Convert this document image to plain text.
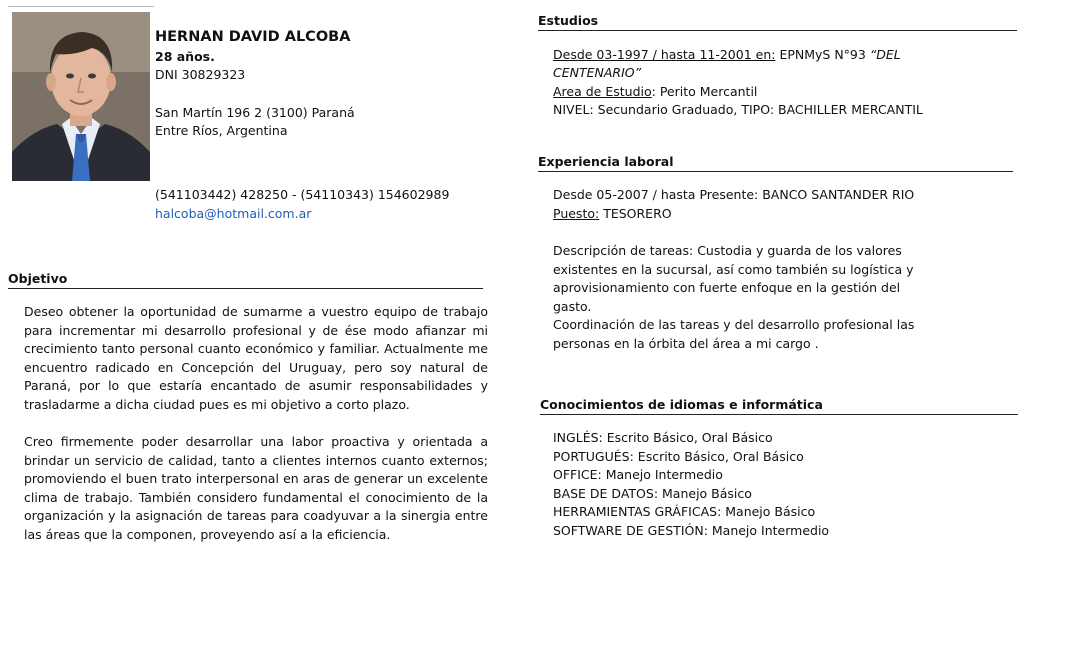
HERNAN DAVID ALCOBA
28 años.
DNI 30829323
San Martín 196 2 (3100) Paraná
Entre Ríos, Argentina
(541103442) 428250 - (54110343) 154602989
halcoba@hotmail.com.ar
Objetivo
Deseo obtener la oportunidad de sumarme a vuestro equipo de trabajo para incrementar mi desarrollo profesional y de ése modo afianzar mi crecimiento tanto personal cuanto económico y familiar. Actualmente me encuentro radicado en Concepción del Uruguay, pero soy natural de Paraná, por lo que estaría encantado de asumir responsabilidades y trasladarme a dicha ciudad pues es mi objetivo a corto plazo.
Creo firmemente poder desarrollar una labor proactiva y orientada a brindar un servicio de calidad, tanto a clientes internos cuanto externos; promoviendo el buen trato interpersonal en aras de generar un excelente clima de trabajo. También considero fundamental el conocimiento de la organización y la asignación de tareas para coadyuvar a la sinergia entre las áreas que la componen, proveyendo así a la eficiencia.
Estudios
Desde 03-1997 / hasta 11-2001 en: EPNMyS N°93 “DEL
CENTENARIO”
Area de Estudio: Perito Mercantil
NIVEL: Secundario Graduado, TIPO: BACHILLER MERCANTIL
Experiencia laboral
Desde 05-2007 / hasta Presente: BANCO SANTANDER RIO
Puesto: TESORERO
Descripción de tareas: Custodia y guarda de los valores
existentes en la sucursal, así como también su logística y
aprovisionamiento con fuerte enfoque en la gestión del
gasto.
Coordinación de las tareas y del desarrollo profesional las
personas en la órbita del área a mi cargo .
Conocimientos de idiomas e informática
INGLÉS: Escrito Básico, Oral Básico
PORTUGUÉS: Escrito Básico, Oral Básico
OFFICE: Manejo Intermedio
BASE DE DATOS: Manejo Básico
HERRAMIENTAS GRÁFICAS: Manejo Básico
SOFTWARE DE GESTIÓN: Manejo Intermedio
